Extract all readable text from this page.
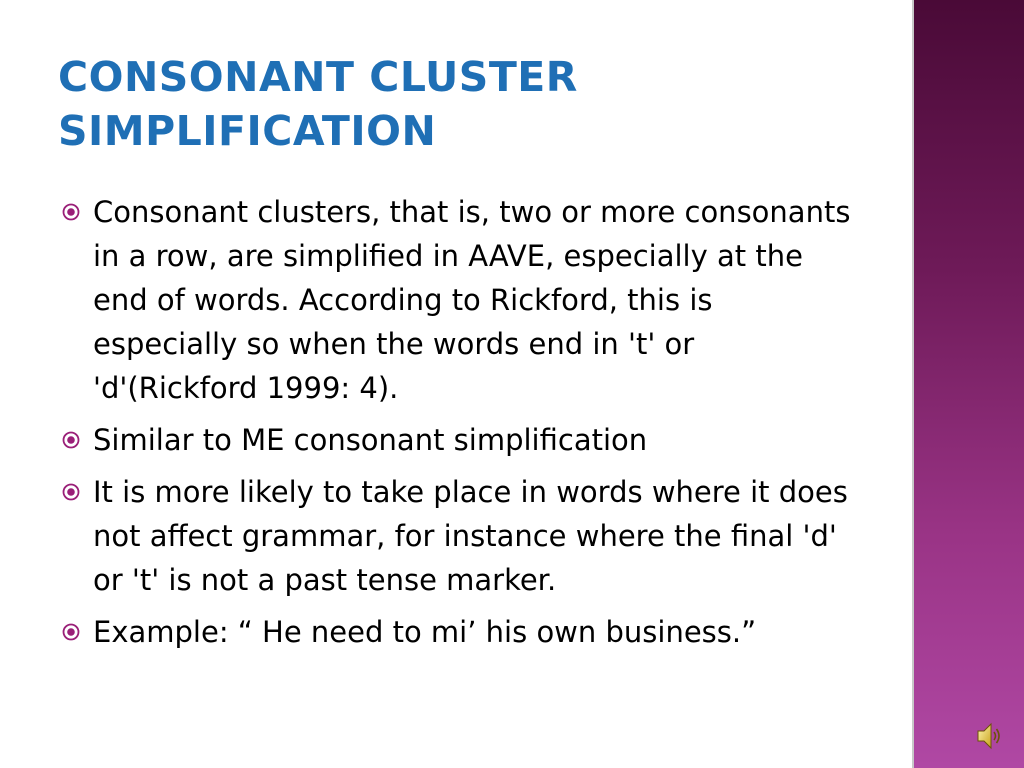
CONSONANT CLUSTER
SIMPLIFICATION
Consonant clusters, that is, two or more consonants in a row, are simplified in AAVE, especially at the end of words. According to Rickford, this is especially so when the words end in 't' or 'd'(Rickford 1999: 4).
Similar to ME consonant simplification
It is more likely to take place in words where it does not affect grammar, for instance where the final 'd' or 't' is not a past tense marker.
Example: “ He need to mi’ his own business.”
